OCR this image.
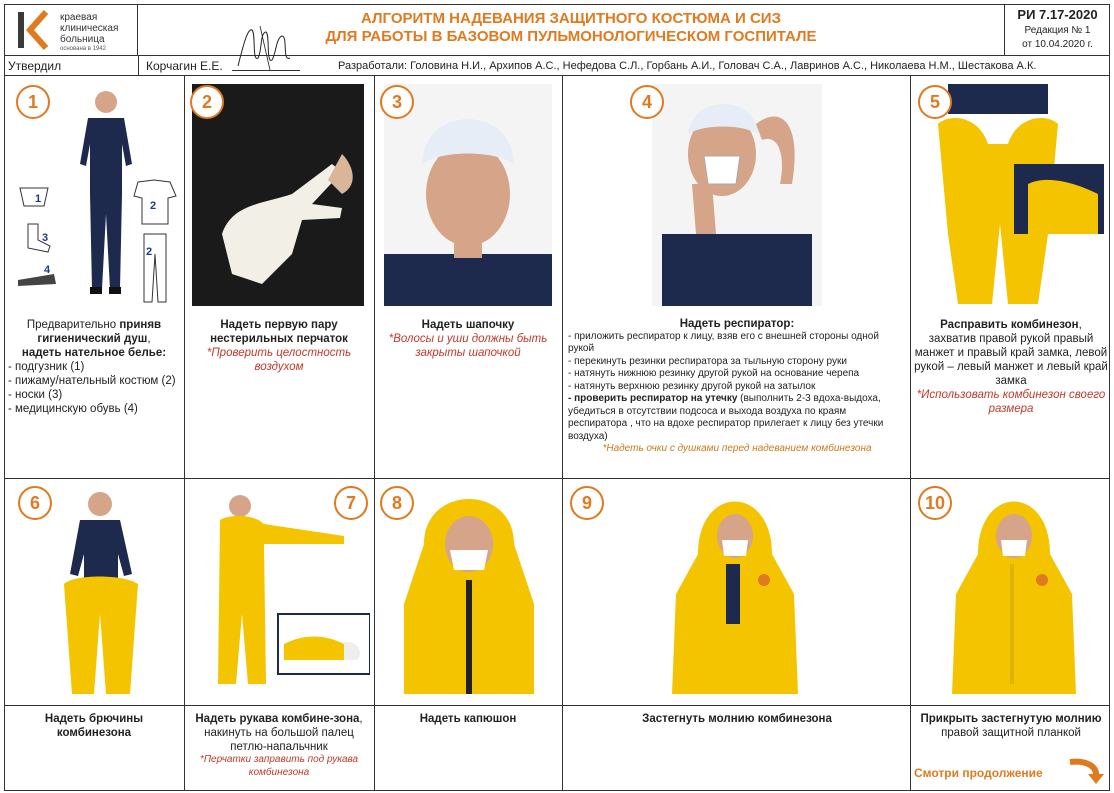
краевая
клиническая
больница
основана в 1942
АЛГОРИТМ НАДЕВАНИЯ ЗАЩИТНОГО КОСТЮМА И СИЗ
ДЛЯ РАБОТЫ В БАЗОВОМ ПУЛЬМОНОЛОГИЧЕСКОМ ГОСПИТАЛЕ
РИ 7.17-2020
Редакция № 1
от 10.04.2020 г.
Утвердил	Корчагин Е.Е.	Разработали: Головина Н.И., Архипов А.С., Нефедова С.Л., Горбань А.И., Головач С.А., Лавринов А.С., Николаева Н.М., Шестакова А.К.
1
1
2
2
3
4
Предварительно приняв гигиенический душ,
надеть нательное белье:
- подгузник (1)
- пижаму/нательный костюм (2)
- носки (3)
- медицинскую обувь (4)
2
Надеть первую пару нестерильных перчаток
*Проверить целостность воздухом
3
Надеть шапочку
*Волосы и уши должны быть закрыты шапочкой
4
Надеть респиратор:
- приложить респиратор к лицу, взяв его с внешней стороны одной рукой
- перекинуть резинки респиратора за тыльную сторону руки
- натянуть нижнюю резинку другой рукой на основание черепа
- натянуть верхнюю резинку другой рукой на затылок
- проверить респиратор на утечку (выполнить 2-3 вдоха-выдоха, убедиться в отсутствии подсоса и выхода воздуха по краям респиратора , что на вдохе респиратор прилегает к лицу без утечки воздуха)
*Надеть очки с душками перед надеванием комбинезона
5
Расправить комбинезон,
захватив правой рукой правый манжет и правый край замка, левой рукой – левый манжет и левый край замка
*Использовать комбинезон своего размера
6
Надеть брючины комбинезона
7
Надеть рукава комбине-зона, накинуть на большой палец петлю-напальчник
*Перчатки заправить под рукава комбинезона
8
Надеть капюшон
9
Застегнуть молнию комбинезона
10
Прикрыть застегнутую молнию правой защитной планкой
Смотри продолжение
